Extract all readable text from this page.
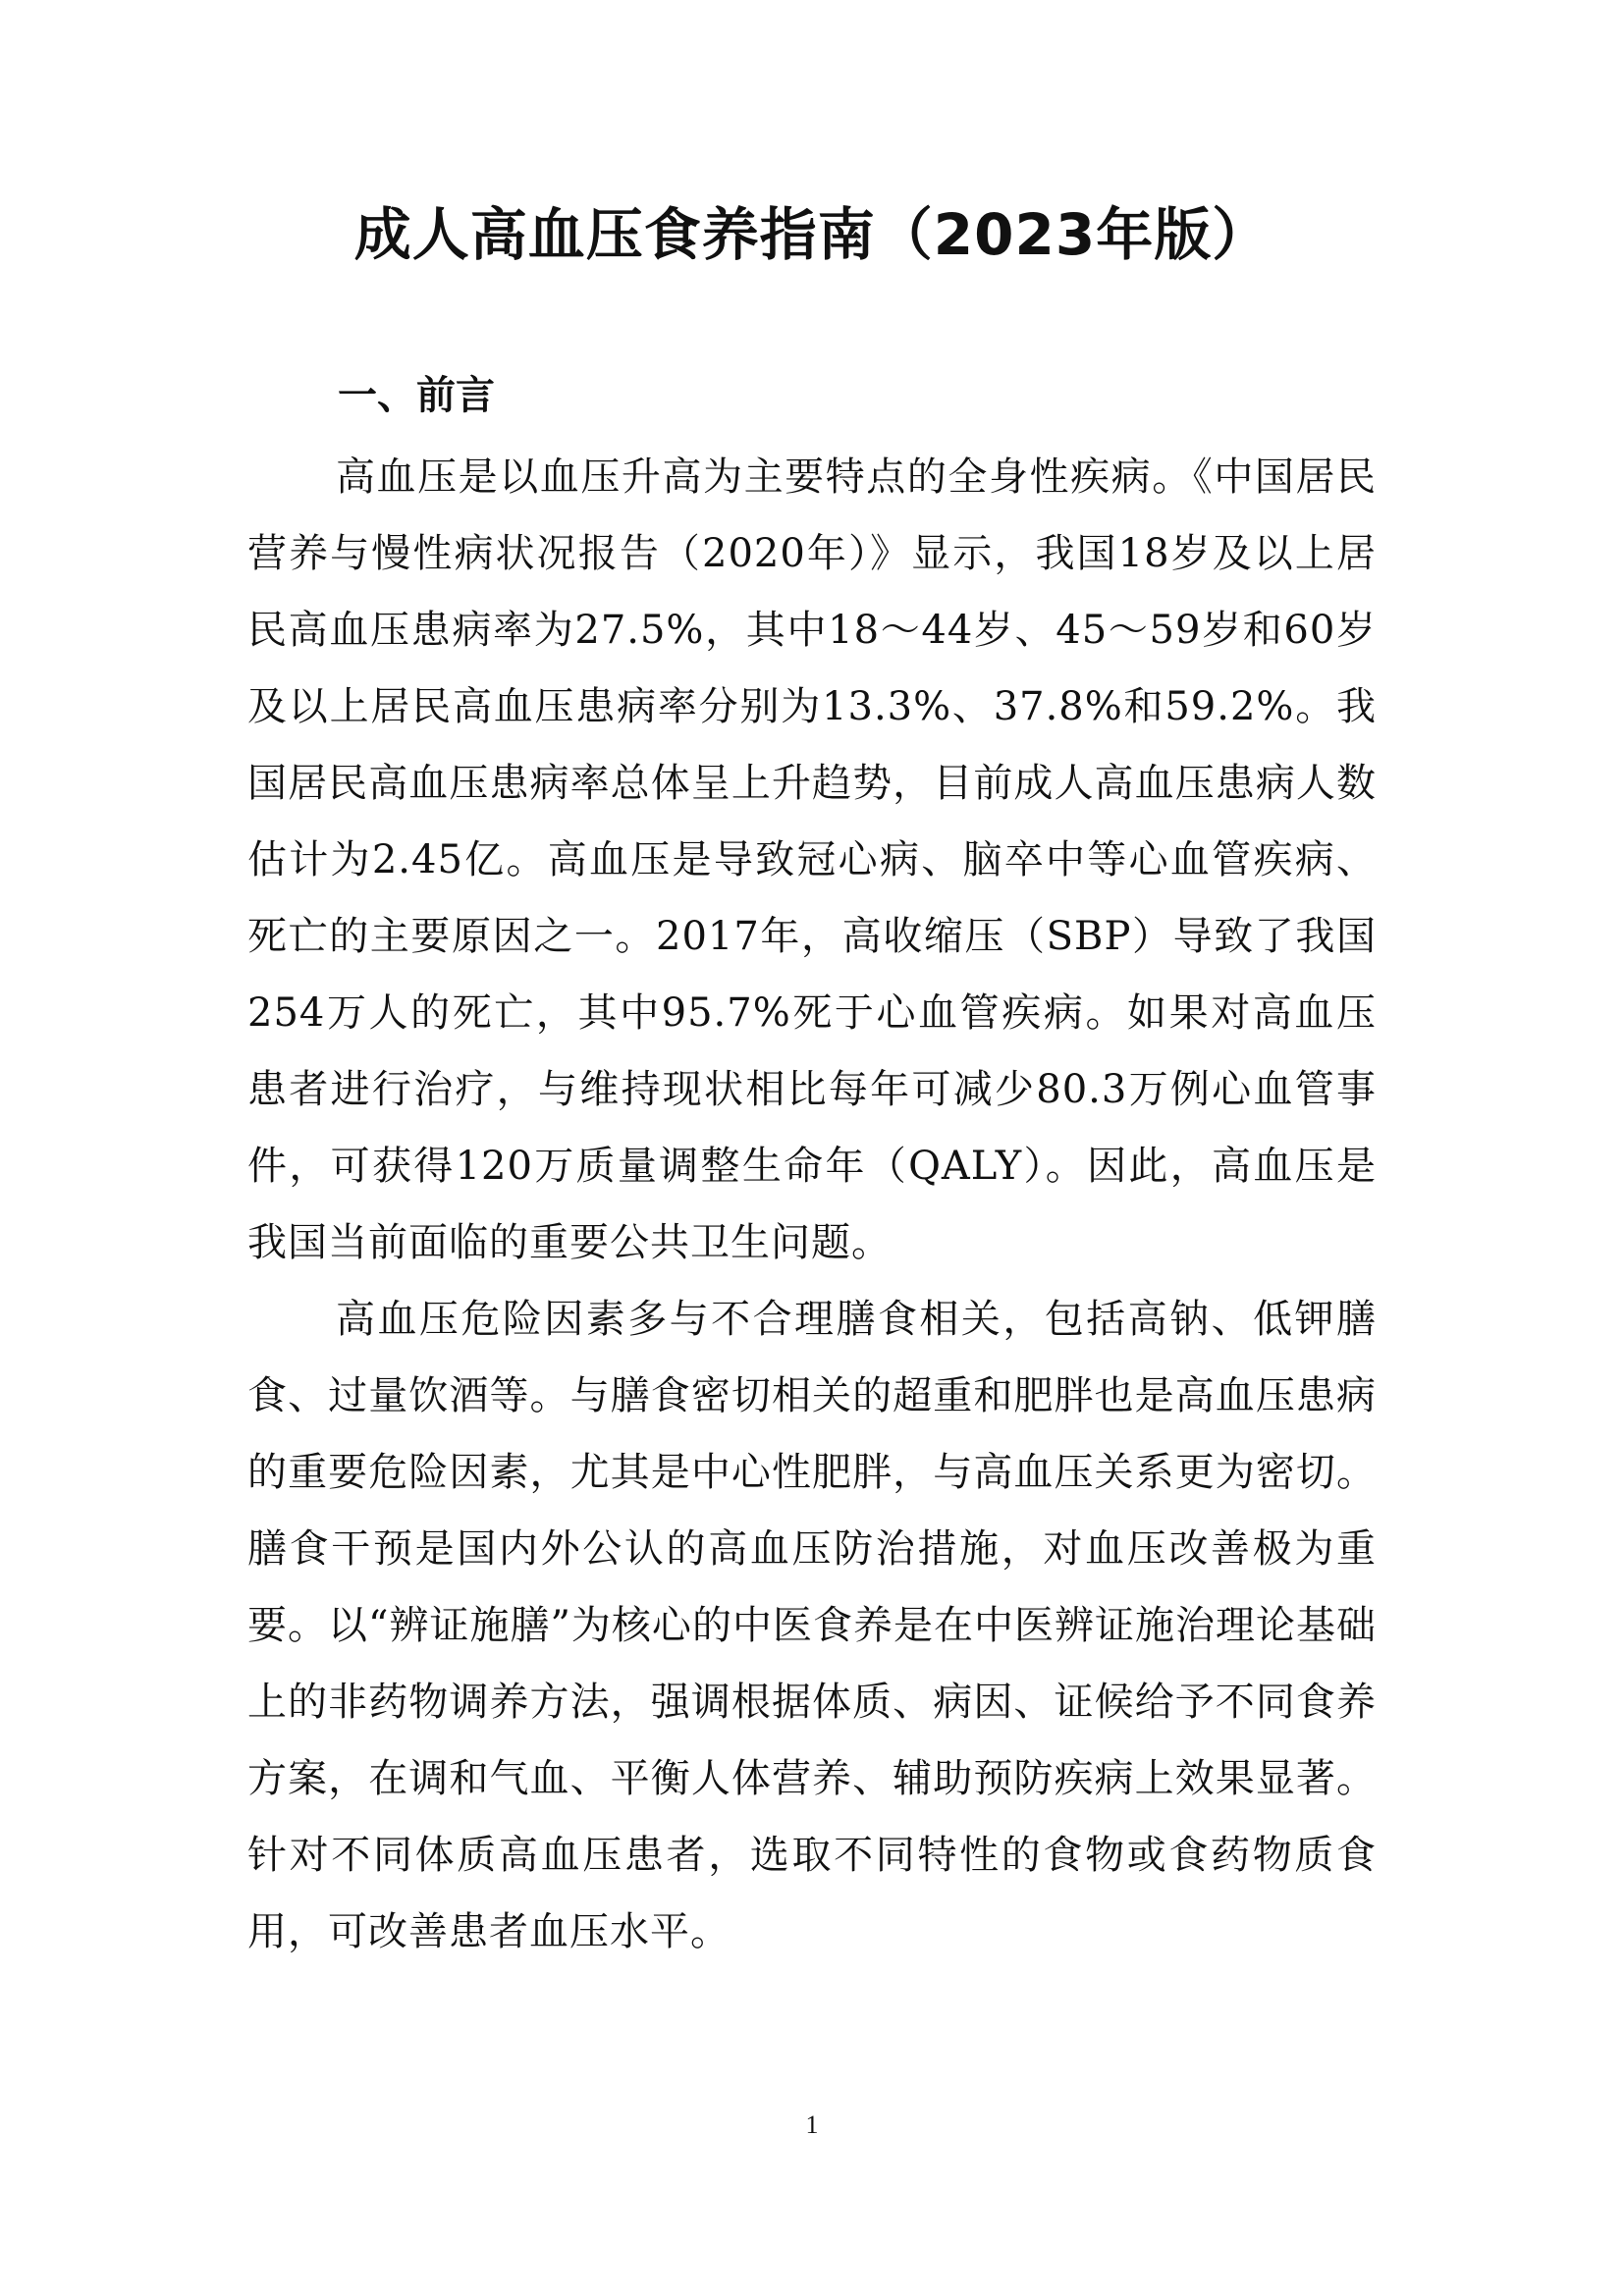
成人高血压食养指南（2023年版）
一、前言

高血压是以血压升高为主要特点的全身性疾病。《中国居民营养与慢性病状况报告（2020年）》显示，我国18岁及以上居民高血压患病率为27.5%，其中18～44岁、45～59岁和60岁及以上居民高血压患病率分别为13.3%、37.8%和59.2%。我国居民高血压患病率总体呈上升趋势，目前成人高血压患病人数估计为2.45亿。高血压是导致冠心病、脑卒中等心血管疾病、死亡的主要原因之一。2017年，高收缩压（SBP）导致了我国254万人的死亡，其中95.7%死于心血管疾病。如果对高血压患者进行治疗，与维持现状相比每年可减少80.3万例心血管事件，可获得120万质量调整生命年（QALY）。因此，高血压是我国当前面临的重要公共卫生问题。

高血压危险因素多与不合理膳食相关，包括高钠、低钾膳食、过量饮酒等。与膳食密切相关的超重和肥胖也是高血压患病的重要危险因素，尤其是中心性肥胖，与高血压关系更为密切。膳食干预是国内外公认的高血压防治措施，对血压改善极为重要。以“辨证施膳”为核心的中医食养是在中医辨证施治理论基础上的非药物调养方法，强调根据体质、病因、证候给予不同食养方案，在调和气血、平衡人体营养、辅助预防疾病上效果显著。针对不同体质高血压患者，选取不同特性的食物或食药物质食用，可改善患者血压水平。

1
